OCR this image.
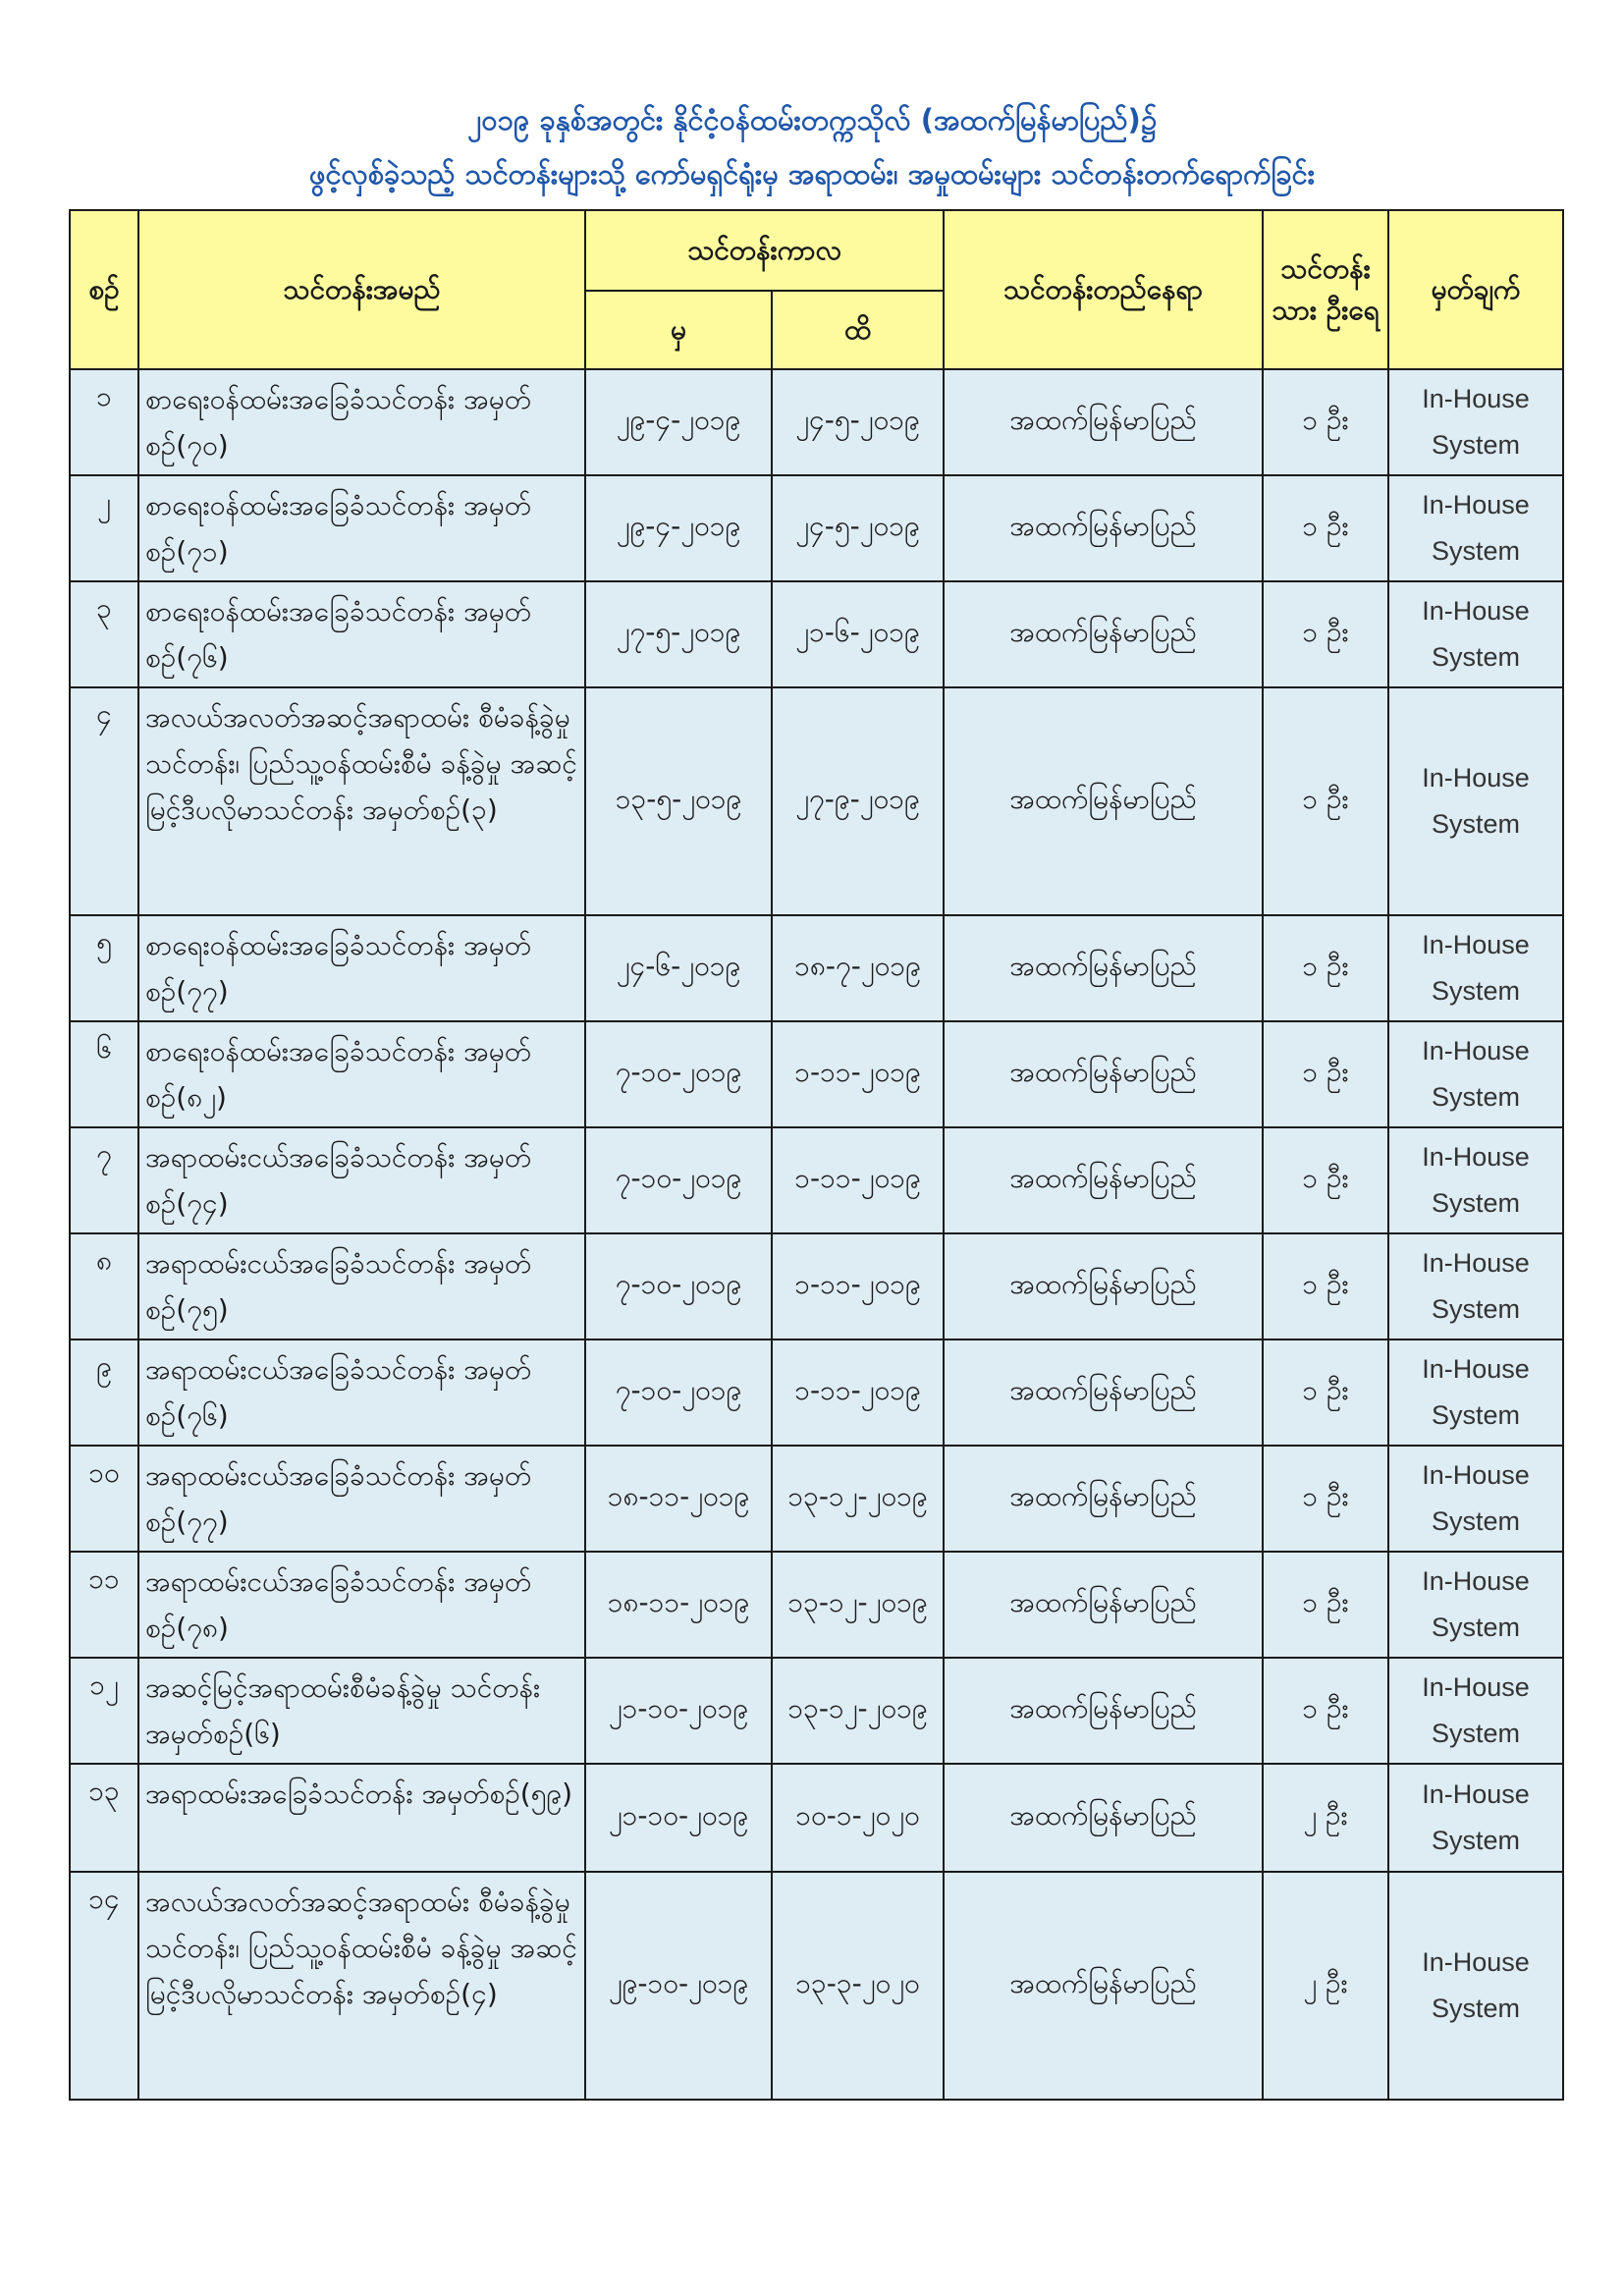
၂၀၁၉ ခုနှစ်အတွင်း နိုင်ငံ့ဝန်ထမ်းတက္ကသိုလ် (အထက်မြန်မာပြည်)၌
ဖွင့်လှစ်ခဲ့သည့် သင်တန်းများသို့ ကော်မရှင်ရုံးမှ အရာထမ်း၊ အမှုထမ်းများ သင်တန်းတက်ရောက်ခြင်း
စဉ်	သင်တန်းအမည်	သင်တန်းကာလ		သင်တန်းတည်နေရာ	သင်တန်း သား ဦးရေ	မှတ်ချက်
		မှ	ထိ			
၁	စာရေးဝန်ထမ်းအခြေခံသင်တန်း အမှတ်စဉ်(၇၀)	၂၉-၄-၂၀၁၉	၂၄-၅-၂၀၁၉	အထက်မြန်မာပြည်	၁ ဦး	In-House System
၂	စာရေးဝန်ထမ်းအခြေခံသင်တန်း အမှတ်စဉ်(၇၁)	၂၉-၄-၂၀၁၉	၂၄-၅-၂၀၁၉	အထက်မြန်မာပြည်	၁ ဦး	In-House System
၃	စာရေးဝန်ထမ်းအခြေခံသင်တန်း အမှတ်စဉ်(၇၆)	၂၇-၅-၂၀၁၉	၂၁-၆-၂၀၁၉	အထက်မြန်မာပြည်	၁ ဦး	In-House System
၄	အလယ်အလတ်အဆင့်အရာထမ်း စီမံခန့်ခွဲမှုသင်တန်း၊ ပြည်သူ့ဝန်ထမ်းစီမံ ခန့်ခွဲမှု အဆင့်မြင့်ဒီပလိုမာသင်တန်း အမှတ်စဉ်(၃)	၁၃-၅-၂၀၁၉	၂၇-၉-၂၀၁၉	အထက်မြန်မာပြည်	၁ ဦး	In-House System
၅	စာရေးဝန်ထမ်းအခြေခံသင်တန်း အမှတ်စဉ်(၇၇)	၂၄-၆-၂၀၁၉	၁၈-၇-၂၀၁၉	အထက်မြန်မာပြည်	၁ ဦး	In-House System
၆	စာရေးဝန်ထမ်းအခြေခံသင်တန်း အမှတ်စဉ်(၈၂)	၇-၁၀-၂၀၁၉	၁-၁၁-၂၀၁၉	အထက်မြန်မာပြည်	၁ ဦး	In-House System
၇	အရာထမ်းငယ်အခြေခံသင်တန်း အမှတ်စဉ်(၇၄)	၇-၁၀-၂၀၁၉	၁-၁၁-၂၀၁၉	အထက်မြန်မာပြည်	၁ ဦး	In-House System
၈	အရာထမ်းငယ်အခြေခံသင်တန်း အမှတ်စဉ်(၇၅)	၇-၁၀-၂၀၁၉	၁-၁၁-၂၀၁၉	အထက်မြန်မာပြည်	၁ ဦး	In-House System
၉	အရာထမ်းငယ်အခြေခံသင်တန်း အမှတ်စဉ်(၇၆)	၇-၁၀-၂၀၁၉	၁-၁၁-၂၀၁၉	အထက်မြန်မာပြည်	၁ ဦး	In-House System
၁၀	အရာထမ်းငယ်အခြေခံသင်တန်း အမှတ်စဉ်(၇၇)	၁၈-၁၁-၂၀၁၉	၁၃-၁၂-၂၀၁၉	အထက်မြန်မာပြည်	၁ ဦး	In-House System
၁၁	အရာထမ်းငယ်အခြေခံသင်တန်း အမှတ်စဉ်(၇၈)	၁၈-၁၁-၂၀၁၉	၁၃-၁၂-၂၀၁၉	အထက်မြန်မာပြည်	၁ ဦး	In-House System
၁၂	အဆင့်မြင့်အရာထမ်းစီမံခန့်ခွဲမှု သင်တန်းအမှတ်စဉ်(၆)	၂၁-၁၀-၂၀၁၉	၁၃-၁၂-၂၀၁၉	အထက်မြန်မာပြည်	၁ ဦး	In-House System
၁၃	အရာထမ်းအခြေခံသင်တန်း အမှတ်စဉ်(၅၉)	၂၁-၁၀-၂၀၁၉	၁၀-၁-၂၀၂၀	အထက်မြန်မာပြည်	၂ ဦး	In-House System
၁၄	အလယ်အလတ်အဆင့်အရာထမ်း စီမံခန့်ခွဲမှုသင်တန်း၊ ပြည်သူ့ဝန်ထမ်းစီမံ ခန့်ခွဲမှု အဆင့်မြင့်ဒီပလိုမာသင်တန်း အမှတ်စဉ်(၄)	၂၉-၁၀-၂၀၁၉	၁၃-၃-၂၀၂၀	အထက်မြန်မာပြည်	၂ ဦး	In-House System
